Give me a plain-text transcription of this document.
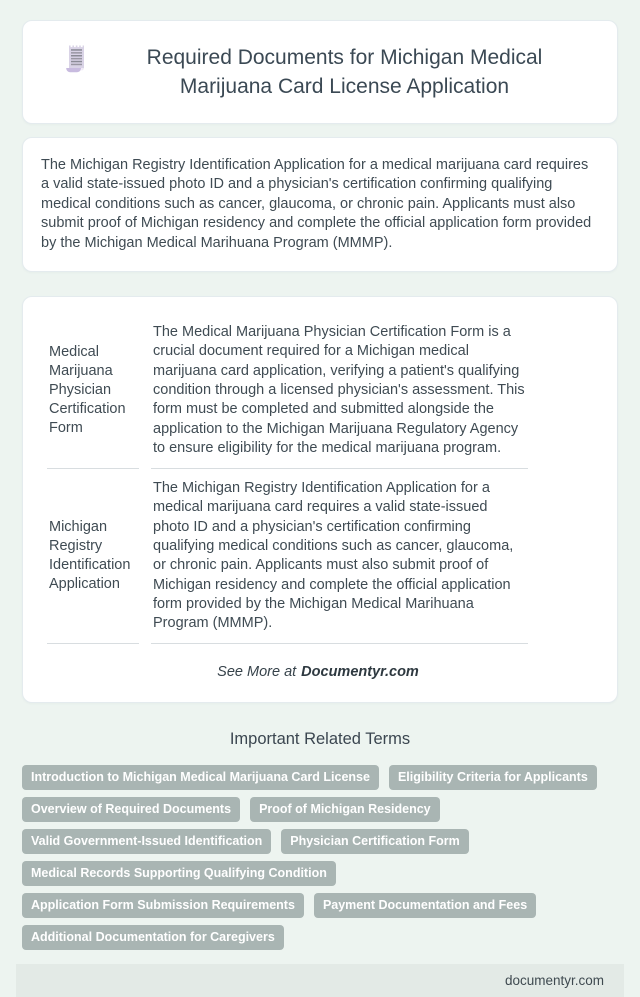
Required Documents for Michigan Medical Marijuana Card License Application

The Michigan Registry Identification Application for a medical marijuana card requires a valid state-issued photo ID and a physician's certification confirming qualifying medical conditions such as cancer, glaucoma, or chronic pain. Applicants must also submit proof of Michigan residency and complete the official application form provided by the Michigan Medical Marihuana Program (MMMP).

Medical Marijuana Physician Certification Form	The Medical Marijuana Physician Certification Form is a crucial document required for a Michigan medical marijuana card application, verifying a patient's qualifying condition through a licensed physician's assessment. This form must be completed and submitted alongside the application to the Michigan Marijuana Regulatory Agency to ensure eligibility for the medical marijuana program.
Michigan Registry Identification Application	The Michigan Registry Identification Application for a medical marijuana card requires a valid state-issued photo ID and a physician's certification confirming qualifying medical conditions such as cancer, glaucoma, or chronic pain. Applicants must also submit proof of Michigan residency and complete the official application form provided by the Michigan Medical Marihuana Program (MMMP).
See More at Documentyr.com
Important Related Terms
Introduction to Michigan Medical Marijuana Card License	Eligibility Criteria for Applicants
Overview of Required Documents	Proof of Michigan Residency
Valid Government-Issued Identification	Physician Certification Form
Medical Records Supporting Qualifying Condition
Application Form Submission Requirements	Payment Documentation and Fees
Additional Documentation for Caregivers
documentyr.com
